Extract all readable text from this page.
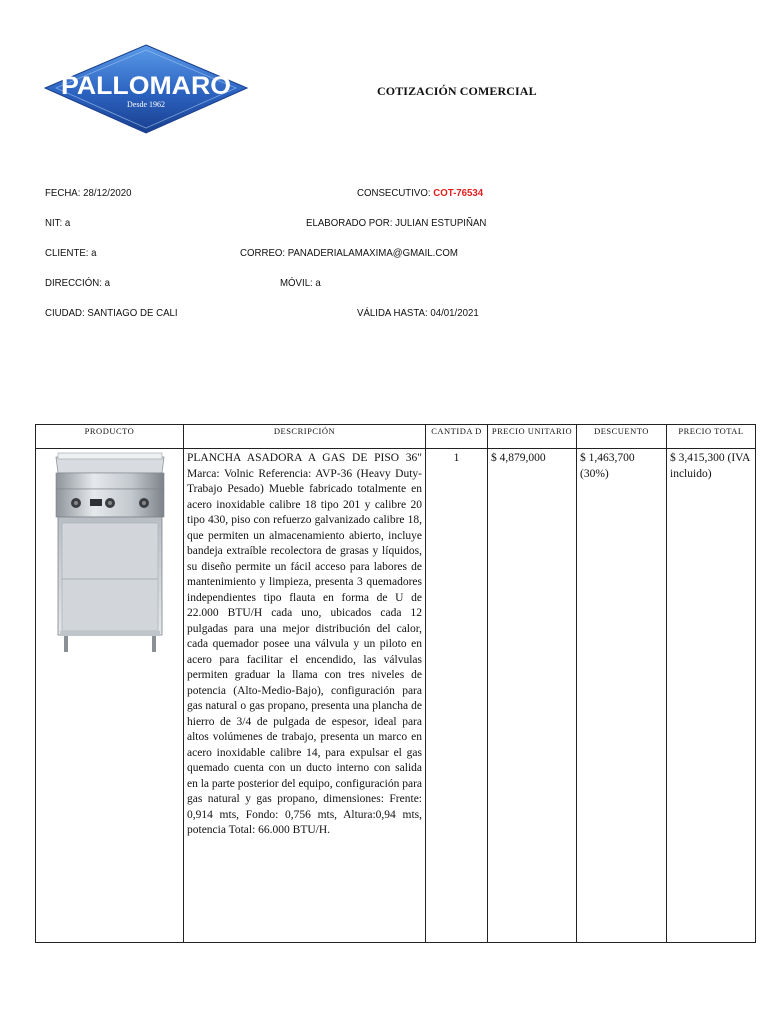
PALLOMARO
Desde 1962
COTIZACIÓN COMERCIAL
FECHA: 28/12/2020	CONSECUTIVO: COT-76534
NIT: a	ELABORADO POR: JULIAN ESTUPIÑAN
CLIENTE: a	CORREO: PANADERIALAMAXIMA@GMAIL.COM
DIRECCIÓN: a	MÓVIL: a
CIUDAD: SANTIAGO DE CALI	VÁLIDA HASTA: 04/01/2021
PRODUCTO	DESCRIPCIÓN	CANTIDA D	PRECIO UNITARIO	DESCUENTO	PRECIO TOTAL

	PLANCHA ASADORA A GAS DE PISO 36" Marca: Volnic Referencia: AVP-36 (Heavy Duty-Trabajo Pesado) Mueble fabricado totalmente en acero inoxidable calibre 18 tipo 201 y calibre 20 tipo 430, piso con refuerzo galvanizado calibre 18, que permiten un almacenamiento abierto, incluye bandeja extraíble recolectora de grasas y líquidos, su diseño permite un fácil acceso para labores de mantenimiento y limpieza, presenta 3 quemadores independientes tipo flauta en forma de U de 22.000 BTU/H cada uno, ubicados cada 12 pulgadas para una mejor distribución del calor, cada quemador posee una válvula y un piloto en acero para facilitar el encendido, las válvulas permiten graduar la llama con tres niveles de potencia (Alto-Medio-Bajo), configuración para gas natural o gas propano, presenta una plancha de hierro de 3/4 de pulgada de espesor, ideal para altos volúmenes de trabajo, presenta un marco en acero inoxidable calibre 14, para expulsar el gas quemado cuenta con un ducto interno con salida en la parte posterior del equipo, configuración para gas natural y gas propano, dimensiones: Frente: 0,914 mts, Fondo: 0,756 mts, Altura:0,94 mts, potencia Total: 66.000 BTU/H.	1	$ 4,879,000	$ 1,463,700 (30%)	$ 3,415,300 (IVA incluido)
